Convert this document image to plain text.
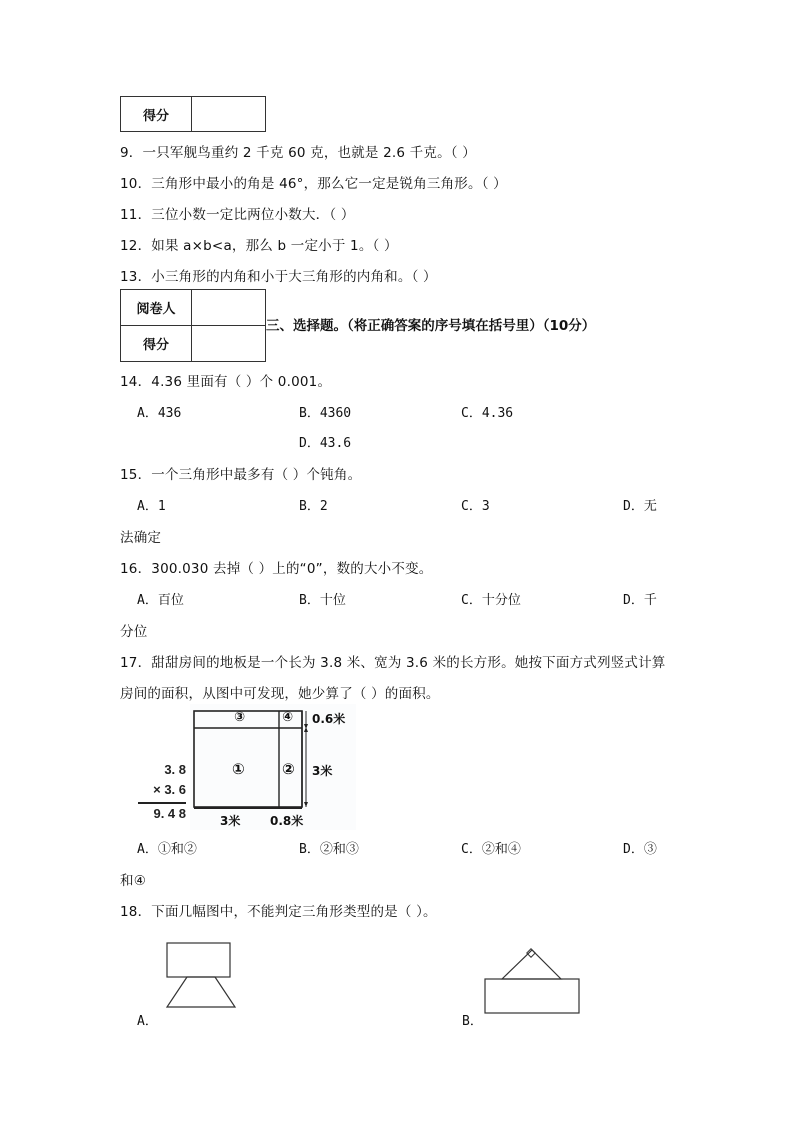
得分	
9．一只军舰鸟重约 2 千克 60 克，也就是 2.6 千克。（ ）
10．三角形中最小的角是 46°，那么它一定是锐角三角形。（ ）
11．三位小数一定比两位小数大．（ ）
12．如果 a×b<a，那么 b 一定小于 1。（ ）
13．小三角形的内角和小于大三角形的内角和。（ ）
阅卷人	
得分	
三、选择题。（将正确答案的序号填在括号里）（10分）
14．4.36 里面有（ ）个 0.001。
A．436	B．4360	C．4.36
D．43.6
15．一个三角形中最多有（ ）个钝角。
A．1	B．2	C．3	D．无
法确定
16．300.030 去掉（ ）上的“0”，数的大小不变。
A．百位	B．十位	C．十分位	D．千
分位
17．甜甜房间的地板是一个长为 3.8 米、宽为 3.6 米的长方形。她按下面方式列竖式计算
房间的面积，从图中可发现，她少算了（ ）的面积。
3. 8
× 3. 6
9. 4 8
③	④
① ②
0.6米
3米
3米 0.8米
A．①和②	B．②和③	C．②和④	D．③
和④
18．下面几幅图中，不能判定三角形类型的是（ ）。
A．	B．
